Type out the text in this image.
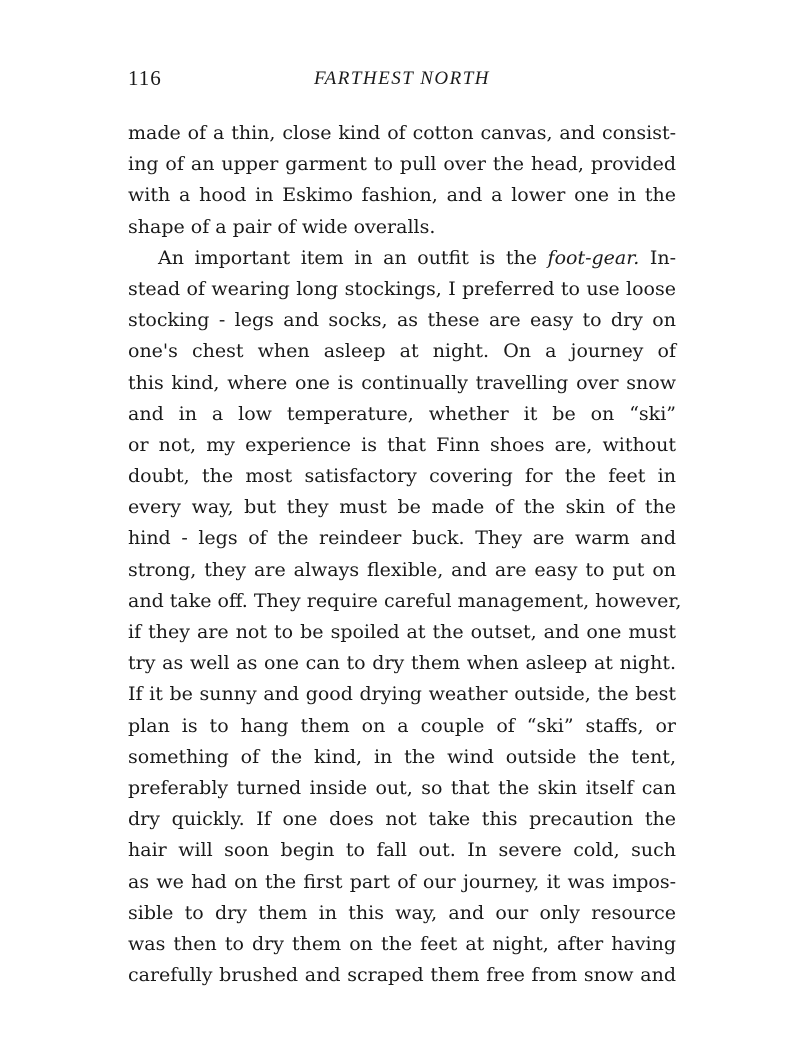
116	FARTHEST NORTH
made of a thin, close kind of cotton canvas, and consist-
ing of an upper garment to pull over the head, provided
with a hood in Eskimo fashion, and a lower one in the
shape of a pair of wide overalls.
An important item in an outfit is the foot-gear. In-
stead of wearing long stockings, I preferred to use loose
stocking - legs and socks, as these are easy to dry on
one's chest when asleep at night. On a journey of
this kind, where one is continually travelling over snow
and in a low temperature, whether it be on “ski”
or not, my experience is that Finn shoes are, without
doubt, the most satisfactory covering for the feet in
every way, but they must be made of the skin of the
hind - legs of the reindeer buck. They are warm and
strong, they are always flexible, and are easy to put on
and take off. They require careful management, however,
if they are not to be spoiled at the outset, and one must
try as well as one can to dry them when asleep at night.
If it be sunny and good drying weather outside, the best
plan is to hang them on a couple of “ski” staffs, or
something of the kind, in the wind outside the tent,
preferably turned inside out, so that the skin itself can
dry quickly. If one does not take this precaution the
hair will soon begin to fall out. In severe cold, such
as we had on the first part of our journey, it was impos-
sible to dry them in this way, and our only resource
was then to dry them on the feet at night, after having
carefully brushed and scraped them free from snow and
